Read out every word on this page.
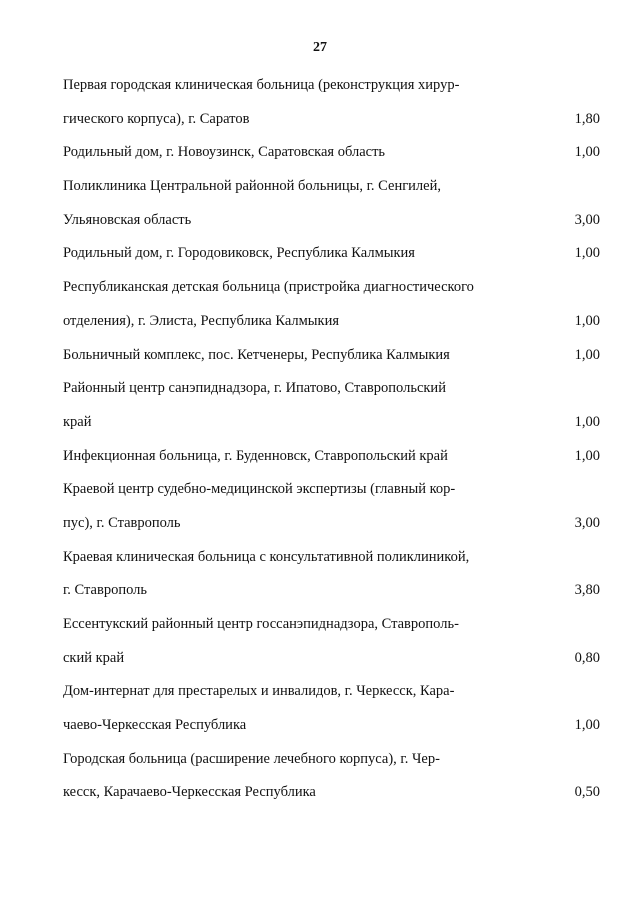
27
Первая городская клиническая больница (реконструкция хирур-
гического корпуса), г. Саратов	1,80
Родильный дом, г. Новоузинск, Саратовская область	1,00
Поликлиника Центральной районной больницы, г. Сенгилей,
Ульяновская область	3,00
Родильный дом, г. Городовиковск, Республика Калмыкия	1,00
Республиканская детская больница (пристройка диагностического
отделения), г. Элиста, Республика Калмыкия	1,00
Больничный комплекс, пос. Кетченеры, Республика Калмыкия	1,00
Районный центр санэпиднадзора, г. Ипатово, Ставропольский
край	1,00
Инфекционная больница, г. Буденновск, Ставропольский край	1,00
Краевой центр судебно-медицинской экспертизы (главный кор-
пус), г. Ставрополь	3,00
Краевая клиническая больница с консультативной поликлиникой,
г. Ставрополь	3,80
Ессентукский районный центр госсанэпиднадзора, Ставрополь-
ский край	0,80
Дом-интернат для престарелых и инвалидов, г. Черкесск, Кара-
чаево-Черкесская Республика	1,00
Городская больница (расширение лечебного корпуса), г. Чер-
кесск, Карачаево-Черкесская Республика	0,50
